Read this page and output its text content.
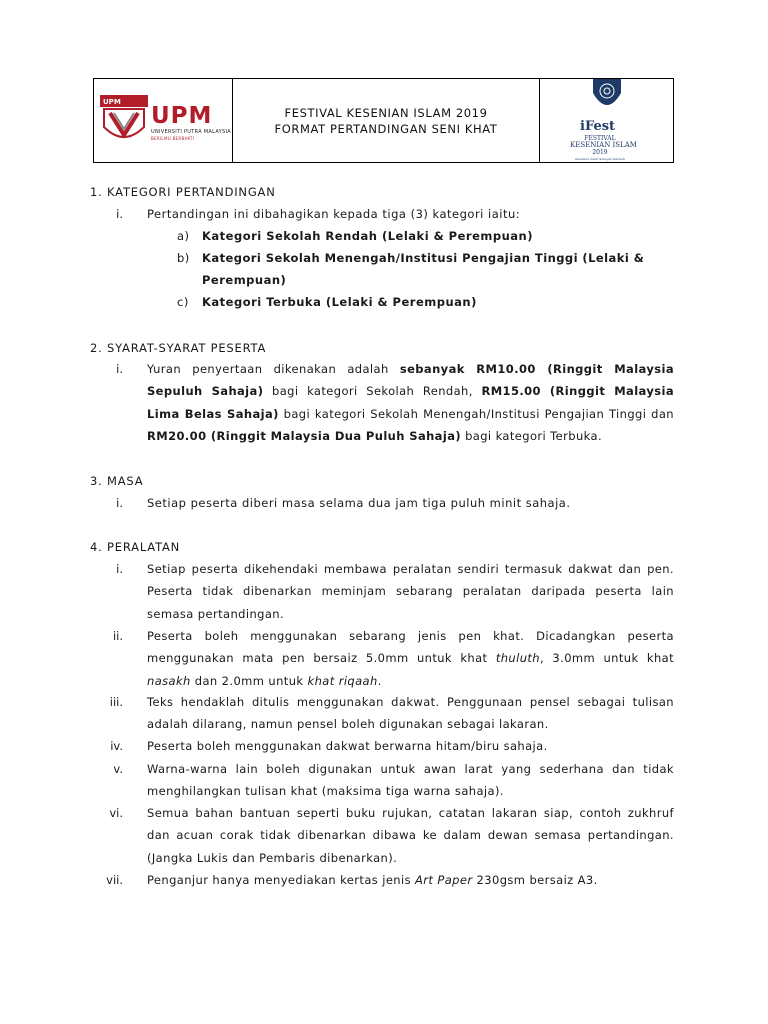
UPM
UPM
UNIVERSITI PUTRA MALAYSIA
BERILMU BERBAKTI
FESTIVAL KESENIAN ISLAM 2019
FORMAT PERTANDINGAN SENI KHAT	iFest
FESTIVAL
KESENIAN ISLAM
2019
Kesenian Islam Sebagai Dakwah
1. KATEGORI PERTANDINGAN
i. Pertandingan ini dibahagikan kepada tiga (3) kategori iaitu:
a) Kategori Sekolah Rendah (Lelaki & Perempuan)
b) Kategori Sekolah Menengah/Institusi Pengajian Tinggi (Lelaki &
Perempuan)
c) Kategori Terbuka (Lelaki & Perempuan)
2. SYARAT-SYARAT PESERTA
i. Yuran penyertaan dikenakan adalah sebanyak RM10.00 (Ringgit Malaysia Sepuluh Sahaja) bagi kategori Sekolah Rendah, RM15.00 (Ringgit Malaysia Lima Belas Sahaja) bagi kategori Sekolah Menengah/Institusi Pengajian Tinggi dan RM20.00 (Ringgit Malaysia Dua Puluh Sahaja) bagi kategori Terbuka.
3. MASA
i. Setiap peserta diberi masa selama dua jam tiga puluh minit sahaja.
4. PERALATAN
i. Setiap peserta dikehendaki membawa peralatan sendiri termasuk dakwat dan pen. Peserta tidak dibenarkan meminjam sebarang peralatan daripada peserta lain semasa pertandingan.
ii. Peserta boleh menggunakan sebarang jenis pen khat. Dicadangkan peserta menggunakan mata pen bersaiz 5.0mm untuk khat thuluth, 3.0mm untuk khat nasakh dan 2.0mm untuk khat riqaah.
iii. Teks hendaklah ditulis menggunakan dakwat. Penggunaan pensel sebagai tulisan adalah dilarang, namun pensel boleh digunakan sebagai lakaran.
iv. Peserta boleh menggunakan dakwat berwarna hitam/biru sahaja.
v. Warna-warna lain boleh digunakan untuk awan larat yang sederhana dan tidak menghilangkan tulisan khat (maksima tiga warna sahaja).
vi. Semua bahan bantuan seperti buku rujukan, catatan lakaran siap, contoh zukhruf dan acuan corak tidak dibenarkan dibawa ke dalam dewan semasa pertandingan. (Jangka Lukis dan Pembaris dibenarkan).
vii. Penganjur hanya menyediakan kertas jenis Art Paper 230gsm bersaiz A3.
